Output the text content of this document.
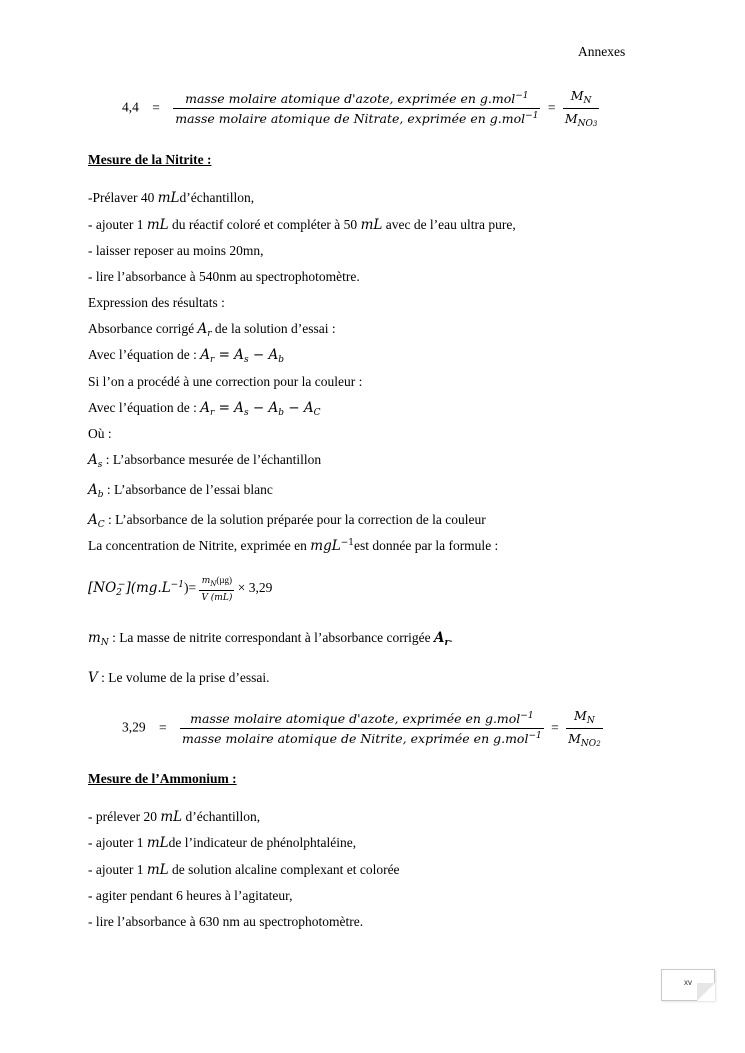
Annexes
$4,4 = \frac{masse molaire atomique d'azote, exprimée en g.mol^{-1}}{masse molaire atomique de Nitrate, exprimée en g.mol^{-1}} = \frac{M_N}{M_{NO3}}$
Mesure de la Nitrite :
-Prélaver 40 mLd’échantillon,
- ajouter 1 mL du réactif coloré et compléter à 50 mL avec de l’eau ultra pure,
- laisser reposer au moins 20mn,
- lire l’absorbance à 540nm au spectrophotomètre.
Expression des résultats :
Absorbance corrigé $A_r$ de la solution d’essai :
Avec l’équation de : $A_r = A_s - A_b$
Si l’on a procédé à une correction pour la couleur :
Avec l’équation de : $A_r = A_s - A_b - A_C$
Où :
$A_s$ : L’absorbance mesurée de l’échantillon
$A_b$ : L’absorbance de l’essai blanc
$A_C$ : L’absorbance de la solution préparée pour la correction de la couleur
La concentration de Nitrite, exprimée en mgL$^{-1}$est donnée par la formule :
$[NO_2^-](mg.L^{-1})= \frac{m_N(\mu g)}{V (mL)} \times 3,29$
$m_N$ : La masse de nitrite correspondant à l’absorbance corrigée $A_r$.
V : Le volume de la prise d’essai.
$3,29 = \frac{masse molaire atomique d'azote, exprimée en g.mol^{-1}}{masse molaire atomique de Nitrite, exprimée en g.mol^{-1}} = \frac{M_N}{M_{NO2}}$
Mesure de l’Ammonium :
- prélever 20 mL d’échantillon,
- ajouter 1 mLde l’indicateur de phénolphtaléine,
- ajouter 1 mL de solution alcaline complexant et colorée
- agiter pendant 6 heures à l’agitateur,
- lire l’absorbance à 630 nm au spectrophotomètre.
xv
